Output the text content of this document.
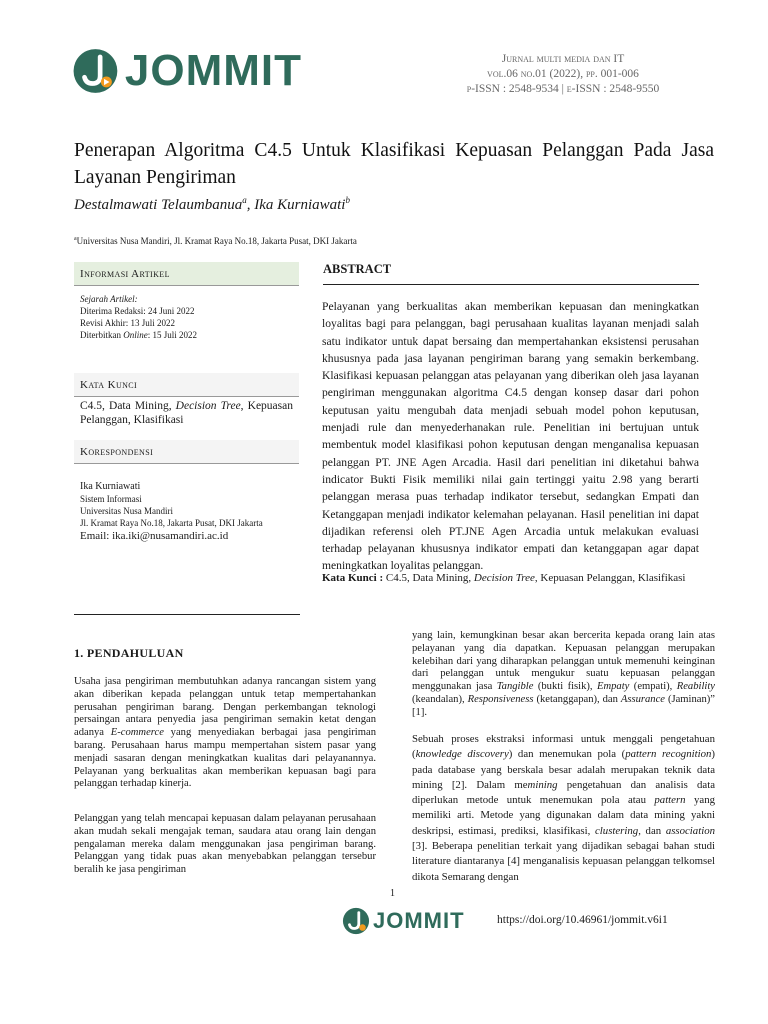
JOMMIT	Jurnal multi media dan IT
vol.06 no.01 (2022), pp. 001-006
p-ISSN : 2548-9534 | e-ISSN : 2548-9550
Penerapan Algoritma C4.5 Untuk Klasifikasi Kepuasan Pelanggan Pada Jasa Layanan Pengiriman
Destalmawati Telaumbanua$^a$, Ika Kurniawati$^b$
$^a$Universitas Nusa Mandiri, Jl. Kramat Raya No.18, Jakarta Pusat, DKI Jakarta
Informasi Artikel
Sejarah Artikel:
Diterima Redaksi: 24 Juni 2022
Revisi Akhir: 13 Juli 2022
Diterbitkan Online: 15 Juli 2022
Kata Kunci
C4.5, Data Mining, Decision Tree, Kepuasan Pelanggan, Klasifikasi
Korespondensi
Ika Kurniawati
Sistem Informasi
Universitas Nusa Mandiri
Jl. Kramat Raya No.18, Jakarta Pusat, DKI Jakarta
Email: ika.iki@nusamandiri.ac.id
ABSTRACT
Pelayanan yang berkualitas akan memberikan kepuasan dan meningkatkan loyalitas bagi para pelanggan, bagi perusahaan kualitas layanan menjadi salah satu indikator untuk dapat bersaing dan mempertahankan eksistensi perusahan khususnya pada jasa layanan pengiriman barang yang semakin berkembang. Klasifikasi kepuasan pelanggan atas pelayanan yang diberikan oleh jasa layanan pengiriman menggunakan algoritma C4.5 dengan konsep dasar dari pohon keputusan yaitu mengubah data menjadi sebuah model pohon keputusan, menjadi rule dan menyederhanakan rule. Penelitian ini bertujuan untuk membentuk model klasifikasi pohon keputusan dengan menganalisa kepuasan pelanggan PT. JNE Agen Arcadia. Hasil dari penelitian ini diketahui bahwa indicator Bukti Fisik memiliki nilai gain tertinggi yaitu 2.98 yang berarti pelanggan merasa puas terhadap indikator tersebut, sedangkan Empati dan Ketanggapan menjadi indikator kelemahan pelayanan. Hasil penelitian ini dapat dijadikan referensi oleh PT.JNE Agen Arcadia untuk melakukan evaluasi terhadap pelayanan khususnya indikator empati dan ketanggapan agar dapat meningkatkan loyalitas pelanggan.
Kata Kunci : C4.5, Data Mining, Decision Tree, Kepuasan Pelanggan, Klasifikasi
1. PENDAHULUAN
Usaha jasa pengiriman membutuhkan adanya rancangan sistem yang akan diberikan kepada pelanggan untuk tetap mempertahankan perusahan pengiriman barang. Dengan perkembangan teknologi persaingan antara penyedia jasa pengiriman semakin ketat dengan adanya E-commerce yang menyediakan berbagai jasa pengiriman barang. Perusahaan harus mampu mempertahan sistem pasar yang menjadi sasaran dengan meningkatkan kualitas dari pelayanannya. Pelayanan yang berkualitas akan memberikan kepuasan bagi para pelanggan terhadap kinerja.
Pelanggan yang telah mencapai kepuasan dalam pelayanan perusahaan akan mudah sekali mengajak teman, saudara atau orang lain dengan pengalaman mereka dalam menggunakan jasa pengiriman barang. Pelanggan yang tidak puas akan menyebabkan pelanggan tersebur beralih ke jasa pengiriman
yang lain, kemungkinan besar akan bercerita kepada orang lain atas pelayanan yang dia dapatkan. Kepuasan pelanggan merupakan kelebihan dari yang diharapkan pelanggan untuk memenuhi keinginan dari pelanggan untuk mengukur suatu kepuasan pelanggan menggunakan jasa Tangible (bukti fisik), Empaty (empati), Reability (keandalan), Responsiveness (ketanggapan), dan Assurance (Jaminan)” [1].
Sebuah proses ekstraksi informasi untuk menggali pengetahuan (knowledge discovery) dan menemukan pola (pattern recognition) pada database yang berskala besar adalah merupakan teknik data mining [2]. Dalam memining pengetahuan dan analisis data diperlukan metode untuk menemukan pola atau pattern yang memiliki arti. Metode yang digunakan dalam data mining yakni deskripsi, estimasi, prediksi, klasifikasi, clustering, dan association [3]. Beberapa penelitian terkait yang dijadikan sebagai bahan studi literature diantaranya [4] menganalisis kepuasan pelanggan telkomsel dikota Semarang dengan
1
JOMMIT	https://doi.org/10.46961/jommit.v6i1
